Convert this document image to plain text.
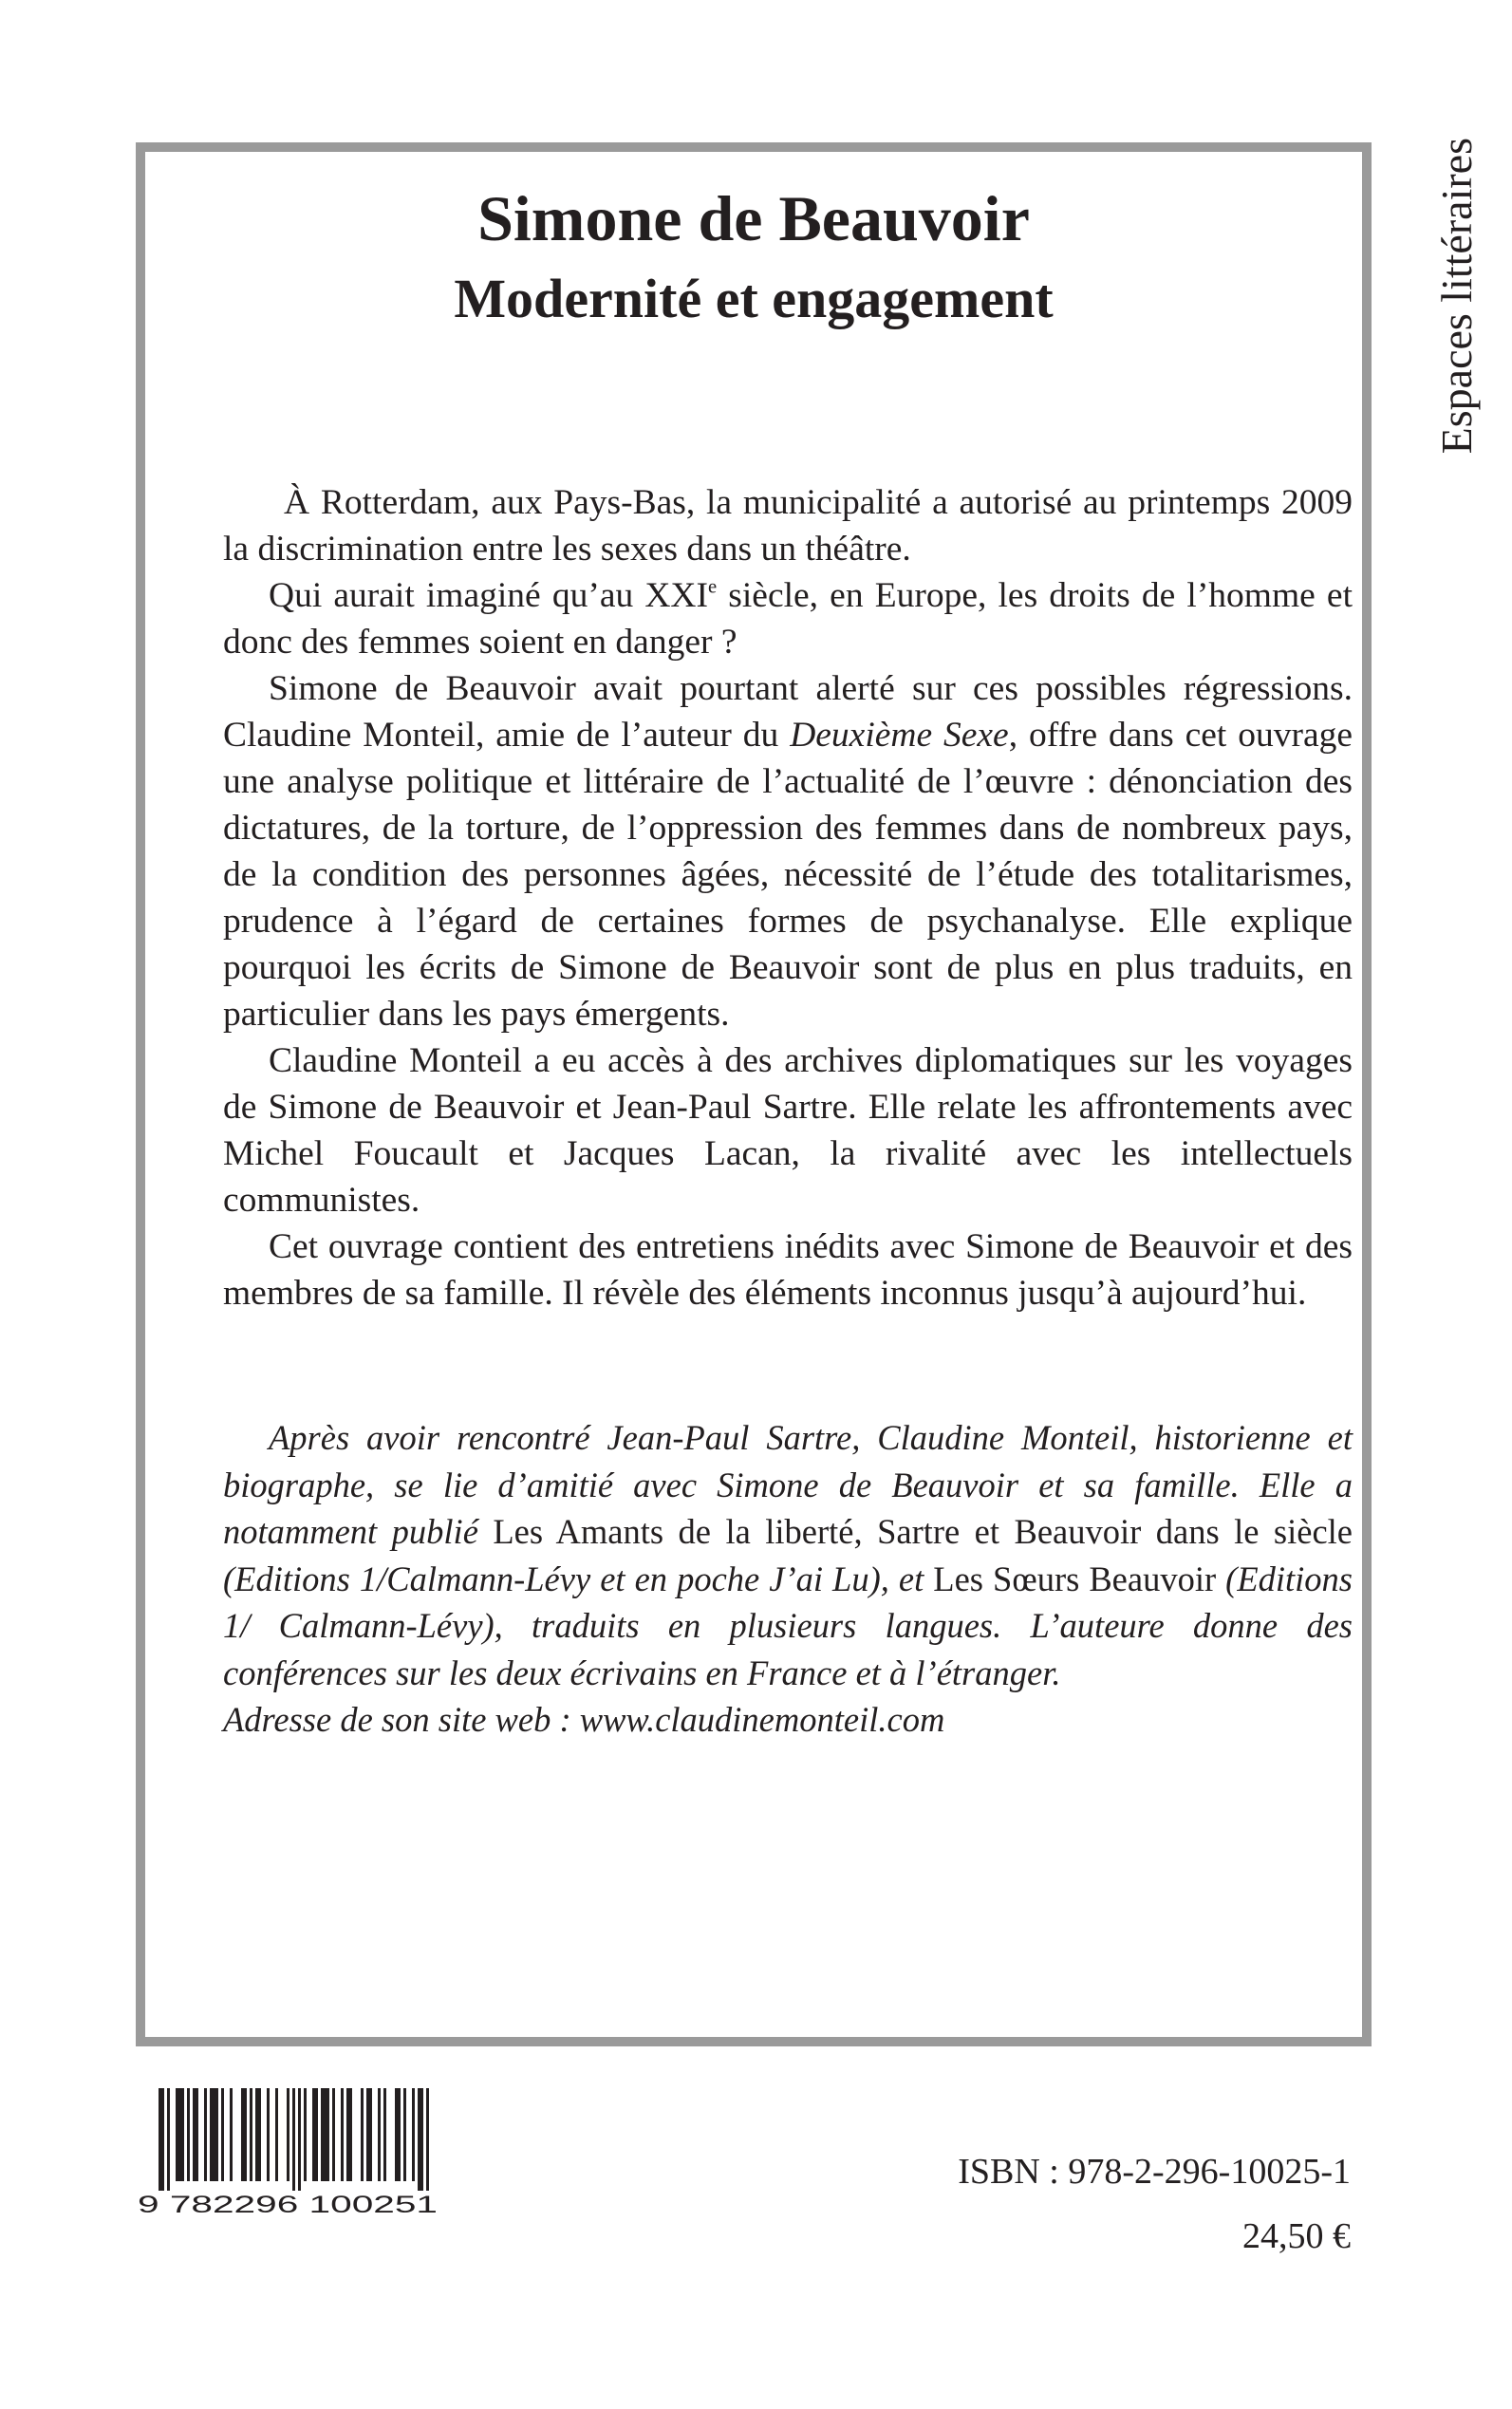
Simone de Beauvoir
Modernité et engagement

À Rotterdam, aux Pays-Bas, la municipalité a autorisé au printemps 2009 la discrimination entre les sexes dans un théâtre.

Qui aurait imaginé qu’au XXIe siècle, en Europe, les droits de l’homme et donc des femmes soient en danger ?

Simone de Beauvoir avait pourtant alerté sur ces possibles régressions. Claudine Monteil, amie de l’auteur du Deuxième Sexe, offre dans cet ouvrage une analyse politique et littéraire de l’actualité de l’œuvre : dénonciation des dictatures, de la torture, de l’oppression des femmes dans de nombreux pays, de la condition des personnes âgées, nécessité de l’étude des totalitarismes, prudence à l’égard de certaines formes de psychanalyse. Elle explique pourquoi les écrits de Simone de Beauvoir sont de plus en plus traduits, en particulier dans les pays émergents.

Claudine Monteil a eu accès à des archives diplomatiques sur les voyages de Simone de Beauvoir et Jean-Paul Sartre. Elle relate les affrontements avec Michel Foucault et Jacques Lacan, la rivalité avec les intellectuels communistes.

Cet ouvrage contient des entretiens inédits avec Simone de Beauvoir et des membres de sa famille. Il révèle des éléments inconnus jusqu’à aujourd’hui.

Après avoir rencontré Jean-Paul Sartre, Claudine Monteil, historienne et biographe, se lie d’amitié avec Simone de Beauvoir et sa famille. Elle a notamment publié Les Amants de la liberté, Sartre et Beauvoir dans le siècle (Editions 1/Calmann-Lévy et en poche J’ai Lu), et Les Sœurs Beauvoir (Editions 1/ Calmann-Lévy), traduits en plusieurs langues. L’auteure donne des conférences sur les deux écrivains en France et à l’étranger.

Adresse de son site web : www.claudinemonteil.com

Espaces littéraires
9 782296 100251

ISBN : 978-2-296-10025-1

24,50 €
